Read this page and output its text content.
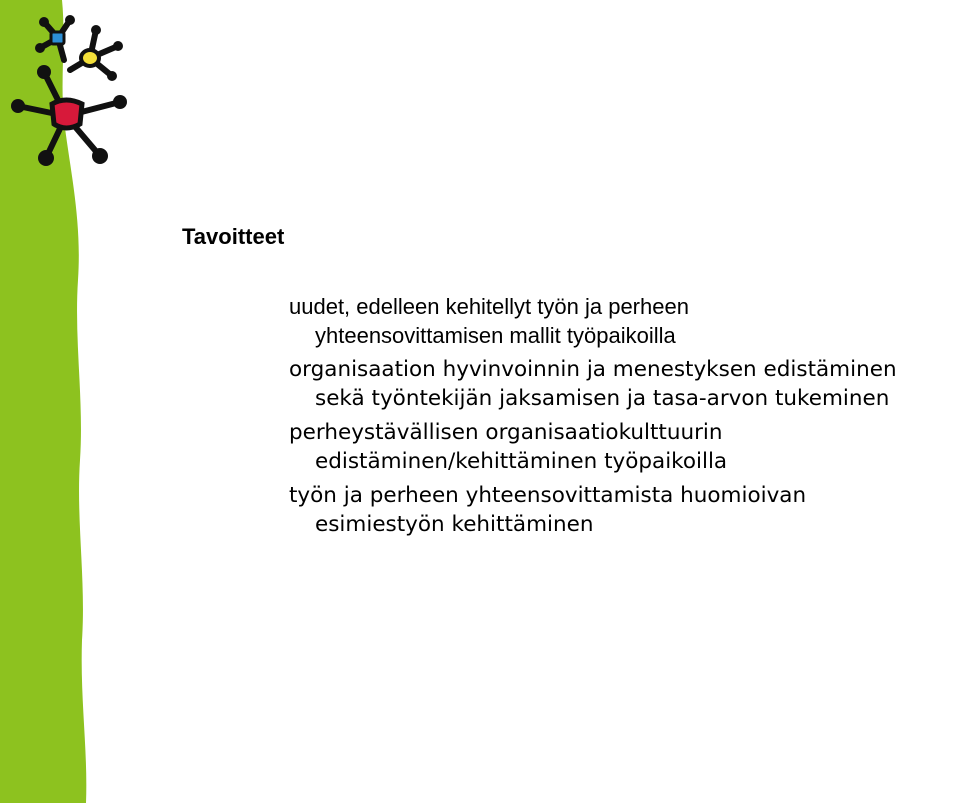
Tavoitteet
uudet, edelleen kehitellyt työn ja perheen
yhteensovittamisen mallit työpaikoilla
organisaation hyvinvoinnin ja menestyksen edistäminen
sekä työntekijän jaksamisen ja tasa-arvon tukeminen
perheystävällisen organisaatiokulttuurin
edistäminen/kehittäminen työpaikoilla
työn ja perheen yhteensovittamista huomioivan
esimiestyön kehittäminen
